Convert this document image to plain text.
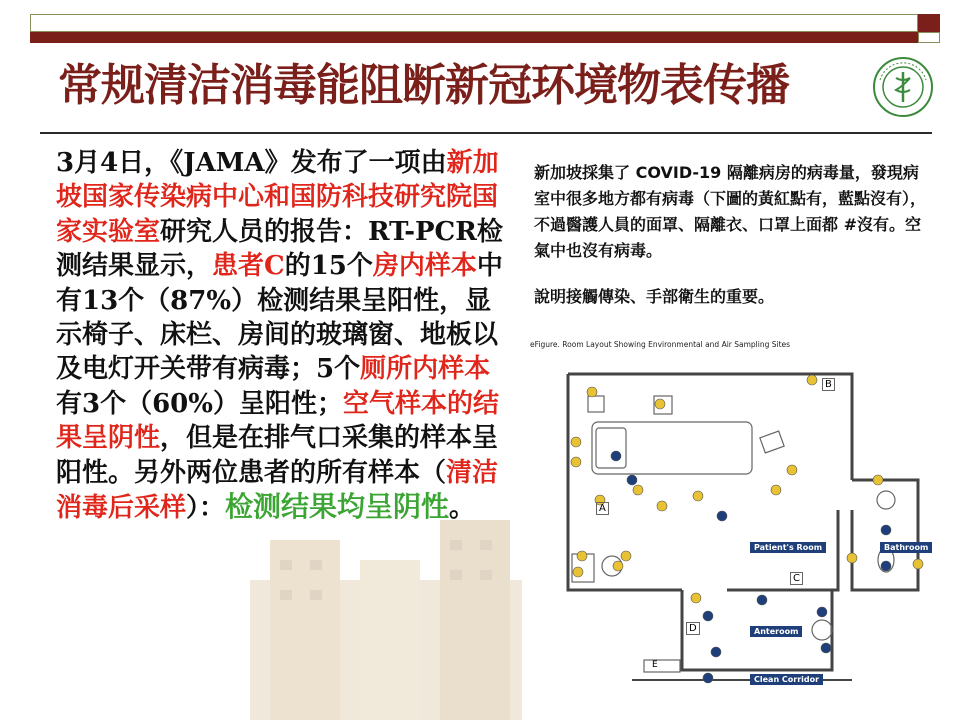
常规清洁消毒能阻断新冠环境物表传播
3月4日，《JAMA》发布了一项由新加坡国家传染病中心和国防科技研究院国家实验室研究人员的报告：RT-PCR检测结果显示，患者C的15个房内样本中有13个（87%）检测结果呈阳性，显示椅子、床栏、房间的玻璃窗、地板以及电灯开关带有病毒；5个厕所内样本有3个（60%）呈阳性；空气样本的结果呈阴性，但是在排气口采集的样本呈阳性。另外两位患者的所有样本（清洁消毒后采样）：检测结果均呈阴性。

新加坡採集了 COVID-19 隔離病房的病毒量，發現病室中很多地方都有病毒（下圖的黃紅點有，藍點沒有），不過醫護人員的面罩、隔離衣、口罩上面都 #沒有。空氣中也沒有病毒。

說明接觸傳染、手部衛生的重要。

Patient's Room	Bathroom
Anteroom
Clean Corridor
B
A
C
D
E
eFigure. Room Layout Showing Environmental and Air Sampling Sites
